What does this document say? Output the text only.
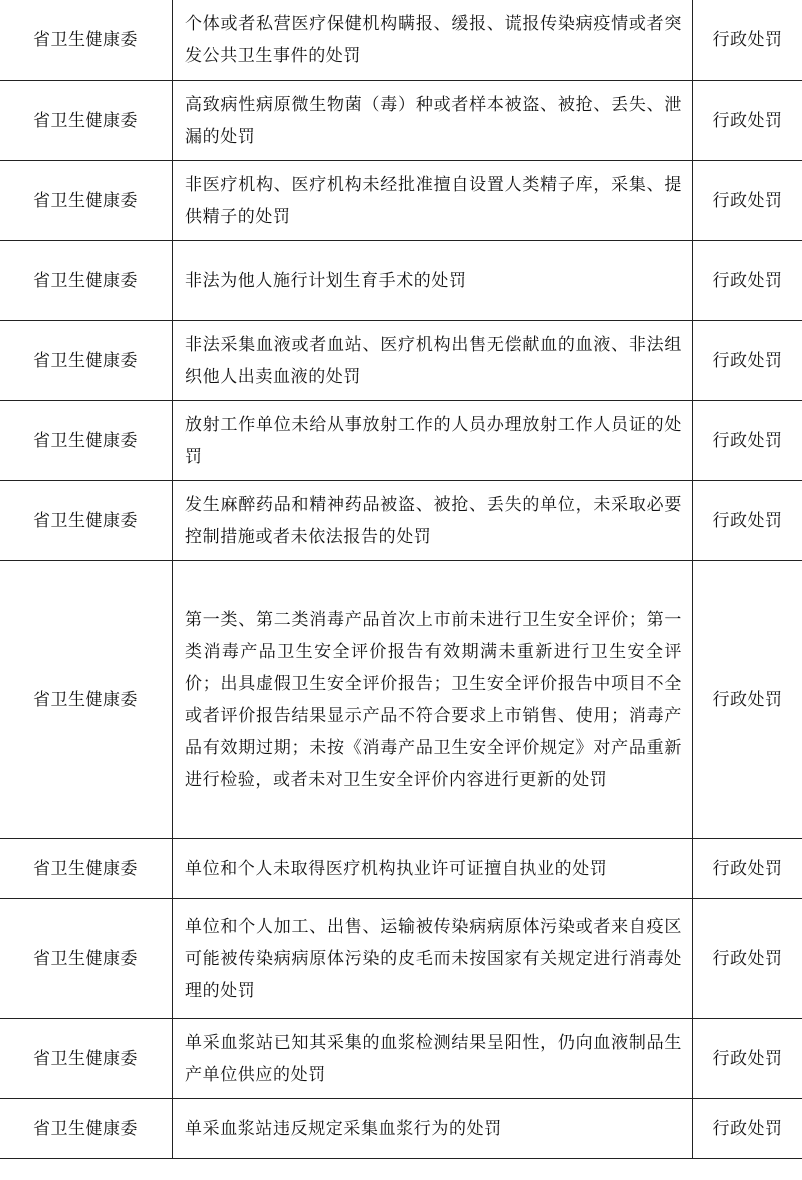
省卫生健康委	个体或者私营医疗保健机构瞒报、缓报、谎报传染病疫情或者突发公共卫生事件的处罚	行政处罚
省卫生健康委	高致病性病原微生物菌（毒）种或者样本被盗、被抢、丢失、泄漏的处罚	行政处罚
省卫生健康委	非医疗机构、医疗机构未经批准擅自设置人类精子库，采集、提供精子的处罚	行政处罚
省卫生健康委	非法为他人施行计划生育手术的处罚	行政处罚
省卫生健康委	非法采集血液或者血站、医疗机构出售无偿献血的血液、非法组织他人出卖血液的处罚	行政处罚
省卫生健康委	放射工作单位未给从事放射工作的人员办理放射工作人员证的处罚	行政处罚
省卫生健康委	发生麻醉药品和精神药品被盗、被抢、丢失的单位，未采取必要控制措施或者未依法报告的处罚	行政处罚
省卫生健康委	第一类、第二类消毒产品首次上市前未进行卫生安全评价；第一类消毒产品卫生安全评价报告有效期满未重新进行卫生安全评价；出具虚假卫生安全评价报告；卫生安全评价报告中项目不全或者评价报告结果显示产品不符合要求上市销售、使用；消毒产品有效期过期；未按《消毒产品卫生安全评价规定》对产品重新进行检验，或者未对卫生安全评价内容进行更新的处罚	行政处罚
省卫生健康委	单位和个人未取得医疗机构执业许可证擅自执业的处罚	行政处罚
省卫生健康委	单位和个人加工、出售、运输被传染病病原体污染或者来自疫区可能被传染病病原体污染的皮毛而未按国家有关规定进行消毒处理的处罚	行政处罚
省卫生健康委	单采血浆站已知其采集的血浆检测结果呈阳性，仍向血液制品生产单位供应的处罚	行政处罚
省卫生健康委	单采血浆站违反规定采集血浆行为的处罚	行政处罚
